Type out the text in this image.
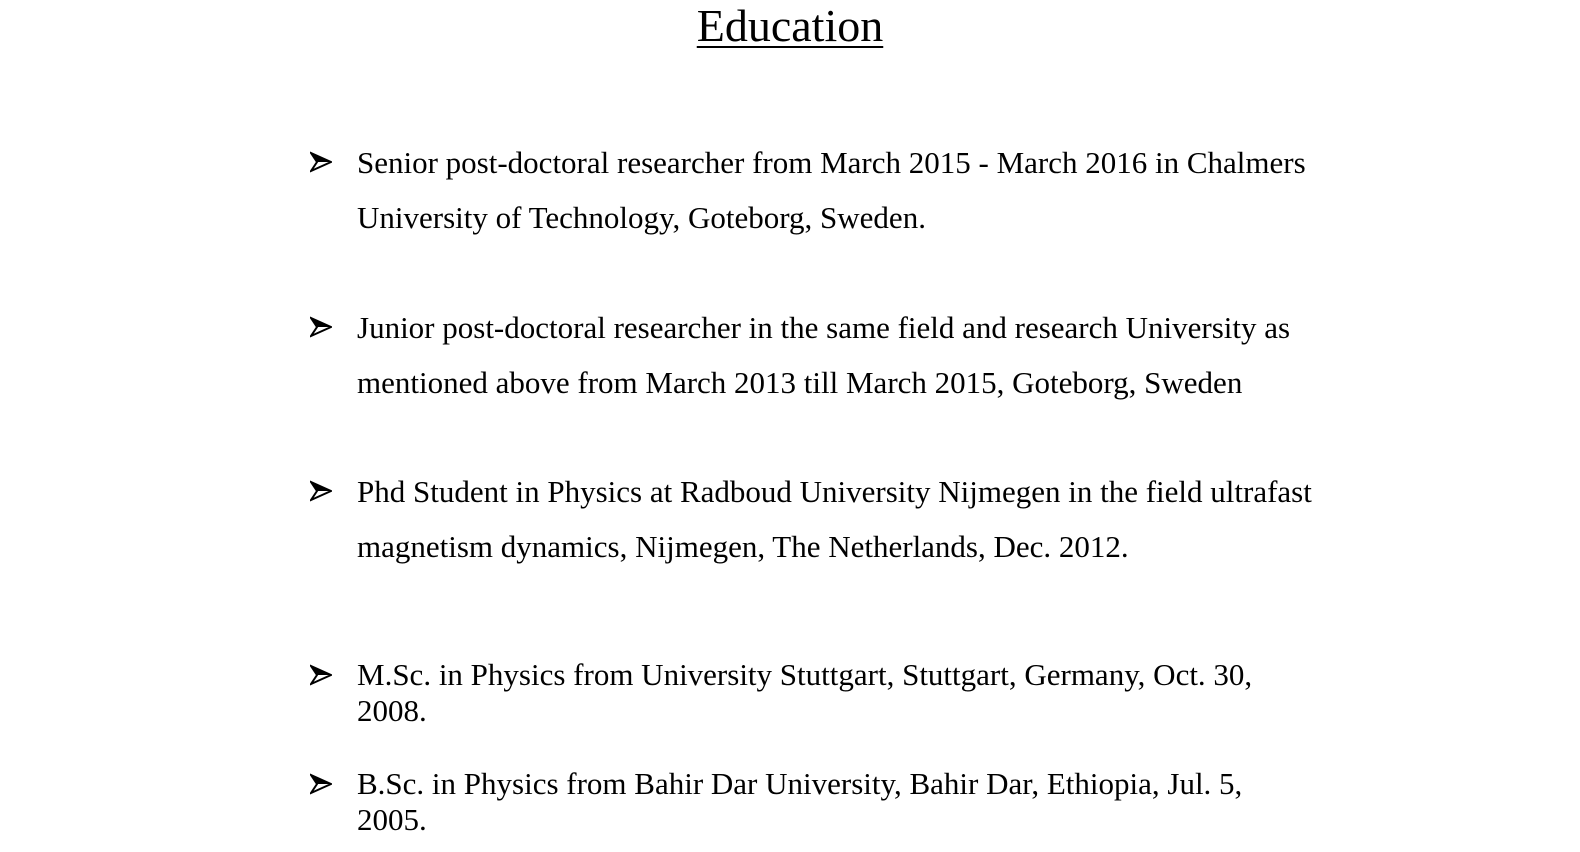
Education
Senior post-doctoral researcher from March 2015 - March 2016 in Chalmers
University of Technology, Goteborg, Sweden.
Junior post-doctoral researcher in the same field and research University as
mentioned above from March 2013 till March 2015, Goteborg, Sweden
Phd Student in Physics at Radboud University Nijmegen in the field ultrafast
magnetism dynamics, Nijmegen, The Netherlands, Dec. 2012.
M.Sc. in Physics from University Stuttgart, Stuttgart, Germany, Oct. 30,
2008.
B.Sc. in Physics from Bahir Dar University, Bahir Dar, Ethiopia, Jul. 5,
2005.
